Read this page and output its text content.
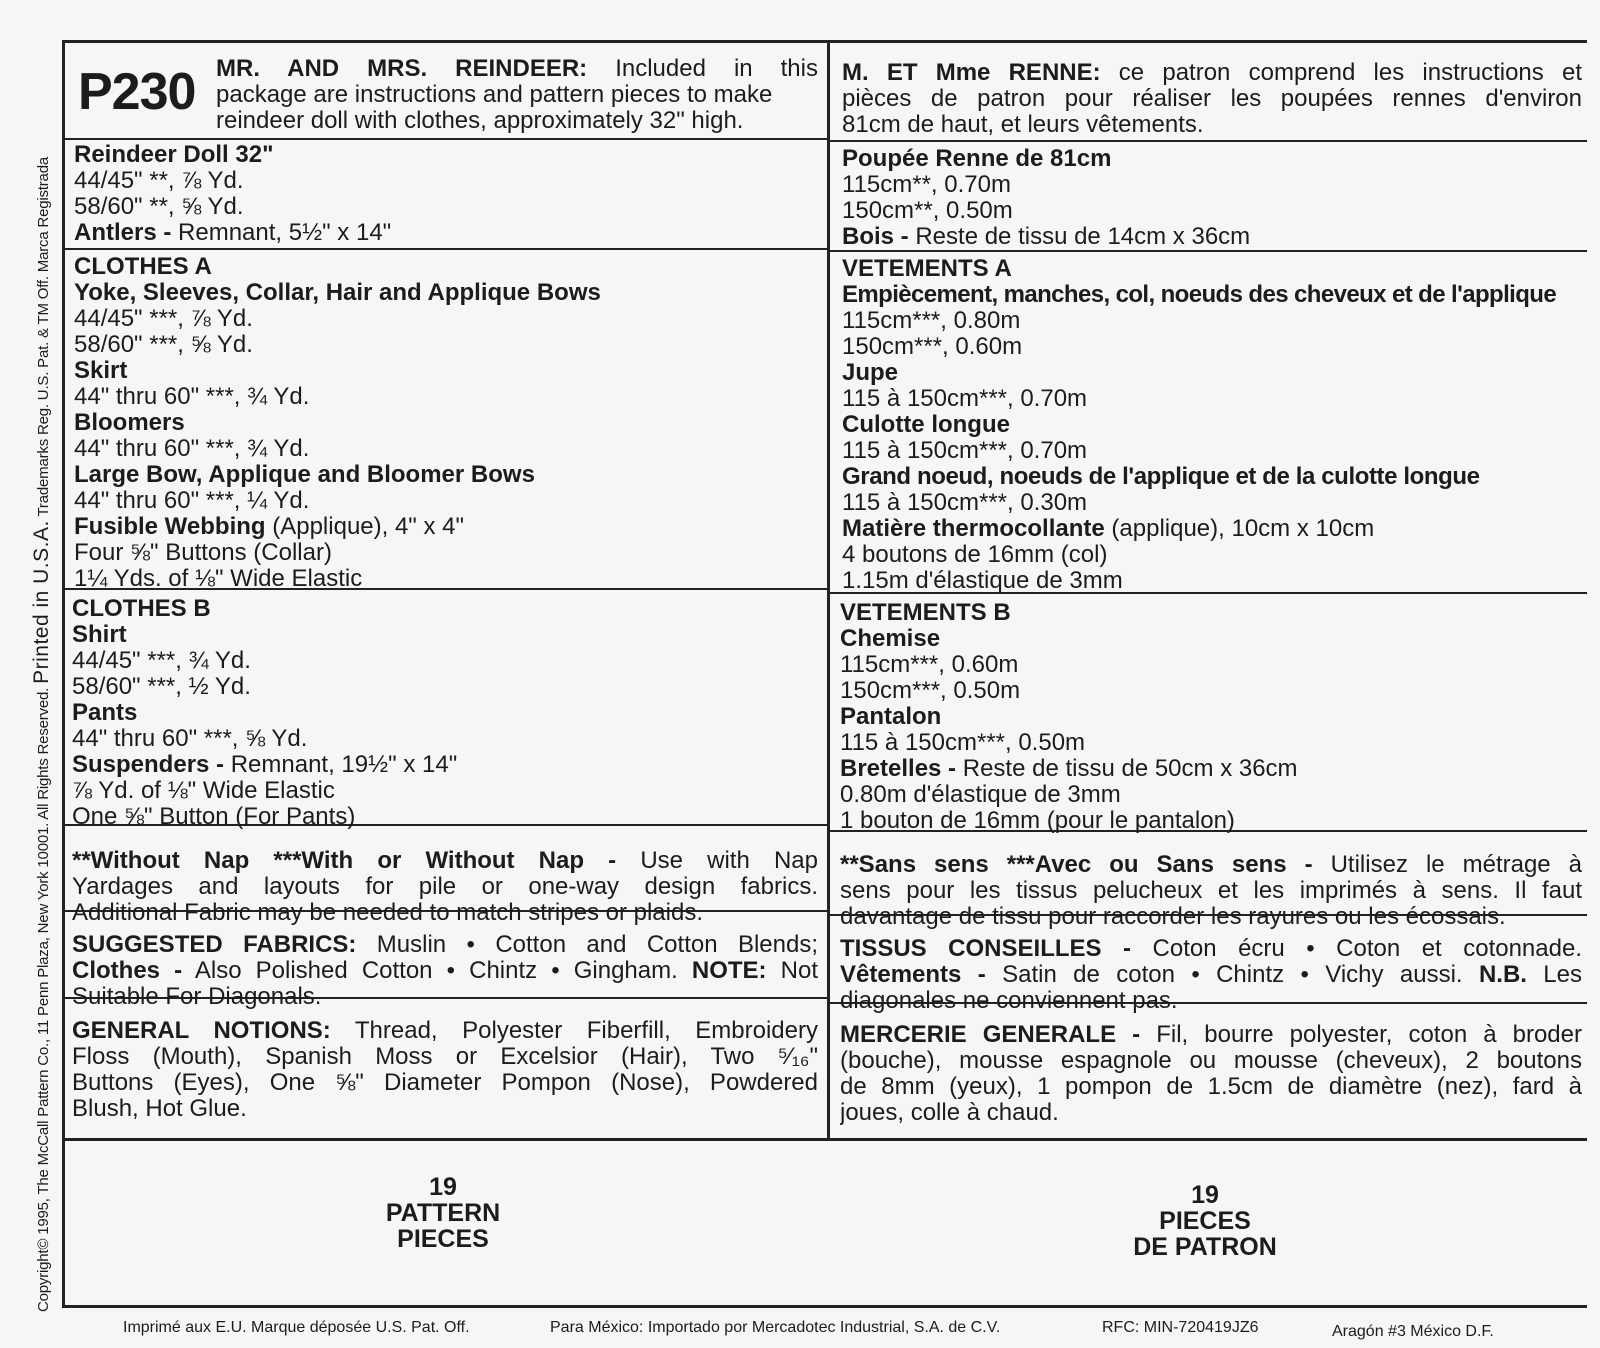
Copyright© 1995, The McCall Pattern Co., 11 Penn Plaza, New York 10001. All Rights Reserved. Printed in U.S.A. Trademarks Reg. U.S. Pat. & TM Off. Marca Registrada
P230 MR. AND MRS. REINDEER: Included in this
package are instructions and pattern pieces to make
reindeer doll with clothes, approximately 32" high.
M. ET Mme RENNE: ce patron comprend les instructions et
pièces de patron pour réaliser les poupées rennes d'environ
81cm de haut, et leurs vêtements.
Reindeer Doll 32"
44/45" **, ⅞ Yd.
58/60" **, ⅝ Yd.
Antlers - Remnant, 5½" x 14"
Poupée Renne de 81cm
115cm**, 0.70m
150cm**, 0.50m
Bois - Reste de tissu de 14cm x 36cm
CLOTHES A
Yoke, Sleeves, Collar, Hair and Applique Bows
44/45" ***, ⅞ Yd.
58/60" ***, ⅝ Yd.
Skirt
44" thru 60" ***, ¾ Yd.
Bloomers
44" thru 60" ***, ¾ Yd.
Large Bow, Applique and Bloomer Bows
44" thru 60" ***, ¼ Yd.
Fusible Webbing (Applique), 4" x 4"
Four ⅝" Buttons (Collar)
1¼ Yds. of ⅛" Wide Elastic
VETEMENTS A
Empiècement, manches, col, noeuds des cheveux et de l'applique
115cm***, 0.80m
150cm***, 0.60m
Jupe
115 à 150cm***, 0.70m
Culotte longue
115 à 150cm***, 0.70m
Grand noeud, noeuds de l'applique et de la culotte longue
115 à 150cm***, 0.30m
Matière thermocollante (applique), 10cm x 10cm
4 boutons de 16mm (col)
1.15m d'élastique de 3mm
CLOTHES B
Shirt
44/45" ***, ¾ Yd.
58/60" ***, ½ Yd.
Pants
44" thru 60" ***, ⅝ Yd.
Suspenders - Remnant, 19½" x 14"
⅞ Yd. of ⅛" Wide Elastic
One ⅝" Button (For Pants)
VETEMENTS B
Chemise
115cm***, 0.60m
150cm***, 0.50m
Pantalon
115 à 150cm***, 0.50m
Bretelles - Reste de tissu de 50cm x 36cm
0.80m d'élastique de 3mm
1 bouton de 16mm (pour le pantalon)
**Without Nap ***With or Without Nap - Use with Nap
Yardages and layouts for pile or one-way design fabrics.
Additional Fabric may be needed to match stripes or plaids.
**Sans sens ***Avec ou Sans sens - Utilisez le métrage à
sens pour les tissus pelucheux et les imprimés à sens. Il faut
davantage de tissu pour raccorder les rayures ou les écossais.
SUGGESTED FABRICS: Muslin • Cotton and Cotton Blends;
Clothes - Also Polished Cotton • Chintz • Gingham. NOTE: Not
Suitable For Diagonals.
TISSUS CONSEILLES - Coton écru • Coton et cotonnade.
Vêtements - Satin de coton • Chintz • Vichy aussi. N.B. Les
diagonales ne conviennent pas.
GENERAL NOTIONS: Thread, Polyester Fiberfill, Embroidery
Floss (Mouth), Spanish Moss or Excelsior (Hair), Two ⁵⁄₁₆"
Buttons (Eyes), One ⅝" Diameter Pompon (Nose), Powdered
Blush, Hot Glue.
MERCERIE GENERALE - Fil, bourre polyester, coton à broder
(bouche), mousse espagnole ou mousse (cheveux), 2 boutons
de 8mm (yeux), 1 pompon de 1.5cm de diamètre (nez), fard à
joues, colle à chaud.
19
PATTERN
PIECES
19
PIECES
DE PATRON
Imprimé aux E.U. Marque déposée U.S. Pat. Off.	Para México: Importado por Mercadotec Industrial, S.A. de C.V.	RFC: MIN-720419JZ6	Aragón #3 México D.F.
